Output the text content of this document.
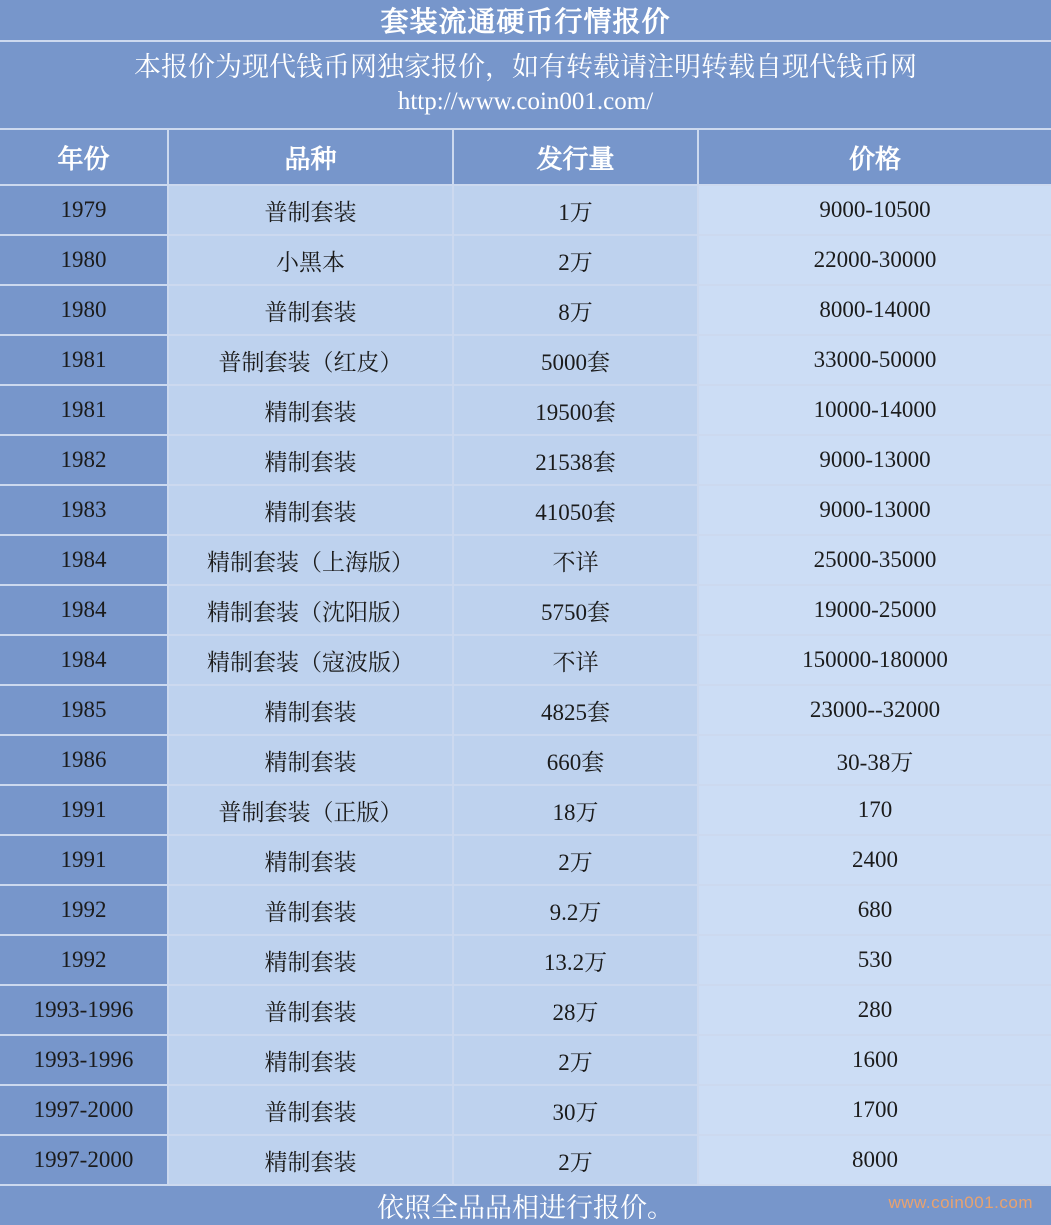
套装流通硬币行情报价
本报价为现代钱币网独家报价，如有转载请注明转载自现代钱币网
http://www.coin001.com/
年份	品种	发行量	价格
1979	普制套装	1万	9000-10500
1980	小黑本	2万	22000-30000
1980	普制套装	8万	8000-14000
1981	普制套装（红皮）	5000套	33000-50000
1981	精制套装	19500套	10000-14000
1982	精制套装	21538套	9000-13000
1983	精制套装	41050套	9000-13000
1984	精制套装（上海版）	不详	25000-35000
1984	精制套装（沈阳版）	5750套	19000-25000
1984	精制套装（寇波版）	不详	150000-180000
1985	精制套装	4825套	23000--32000
1986	精制套装	660套	30-38万
1991	普制套装（正版）	18万	170
1991	精制套装	2万	2400
1992	普制套装	9.2万	680
1992	精制套装	13.2万	530
1993-1996	普制套装	28万	280
1993-1996	精制套装	2万	1600
1997-2000	普制套装	30万	1700
1997-2000	精制套装	2万	8000
依照全品品相进行报价。	www.coin001.com
